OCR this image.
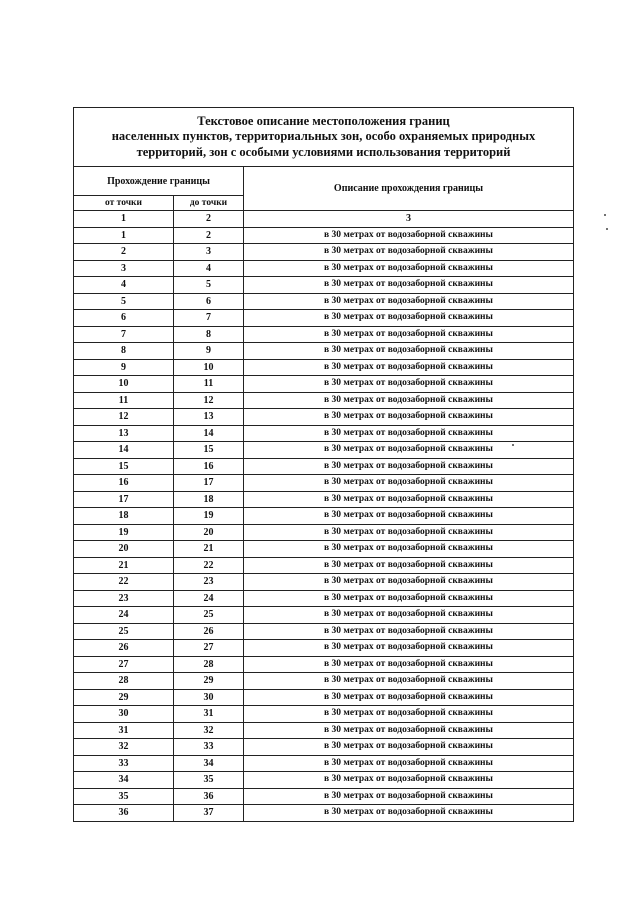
Текстовое описание местоположения границ
населенных пунктов, территориальных зон, особо охраняемых природных
территорий, зон с особыми условиями использования территорий		

Прохождение границы		Описание прохождения границы
от точки	до точки	
1	2	3
1	2	в 30 метрах от водозаборной скважины
2	3	в 30 метрах от водозаборной скважины
3	4	в 30 метрах от водозаборной скважины
4	5	в 30 метрах от водозаборной скважины
5	6	в 30 метрах от водозаборной скважины
6	7	в 30 метрах от водозаборной скважины
7	8	в 30 метрах от водозаборной скважины
8	9	в 30 метрах от водозаборной скважины
9	10	в 30 метрах от водозаборной скважины
10	11	в 30 метрах от водозаборной скважины
11	12	в 30 метрах от водозаборной скважины
12	13	в 30 метрах от водозаборной скважины
13	14	в 30 метрах от водозаборной скважины
14	15	в 30 метрах от водозаборной скважины
15	16	в 30 метрах от водозаборной скважины
16	17	в 30 метрах от водозаборной скважины
17	18	в 30 метрах от водозаборной скважины
18	19	в 30 метрах от водозаборной скважины
19	20	в 30 метрах от водозаборной скважины
20	21	в 30 метрах от водозаборной скважины
21	22	в 30 метрах от водозаборной скважины
22	23	в 30 метрах от водозаборной скважины
23	24	в 30 метрах от водозаборной скважины
24	25	в 30 метрах от водозаборной скважины
25	26	в 30 метрах от водозаборной скважины
26	27	в 30 метрах от водозаборной скважины
27	28	в 30 метрах от водозаборной скважины
28	29	в 30 метрах от водозаборной скважины
29	30	в 30 метрах от водозаборной скважины
30	31	в 30 метрах от водозаборной скважины
31	32	в 30 метрах от водозаборной скважины
32	33	в 30 метрах от водозаборной скважины
33	34	в 30 метрах от водозаборной скважины
34	35	в 30 метрах от водозаборной скважины
35	36	в 30 метрах от водозаборной скважины
36	37	в 30 метрах от водозаборной скважины
